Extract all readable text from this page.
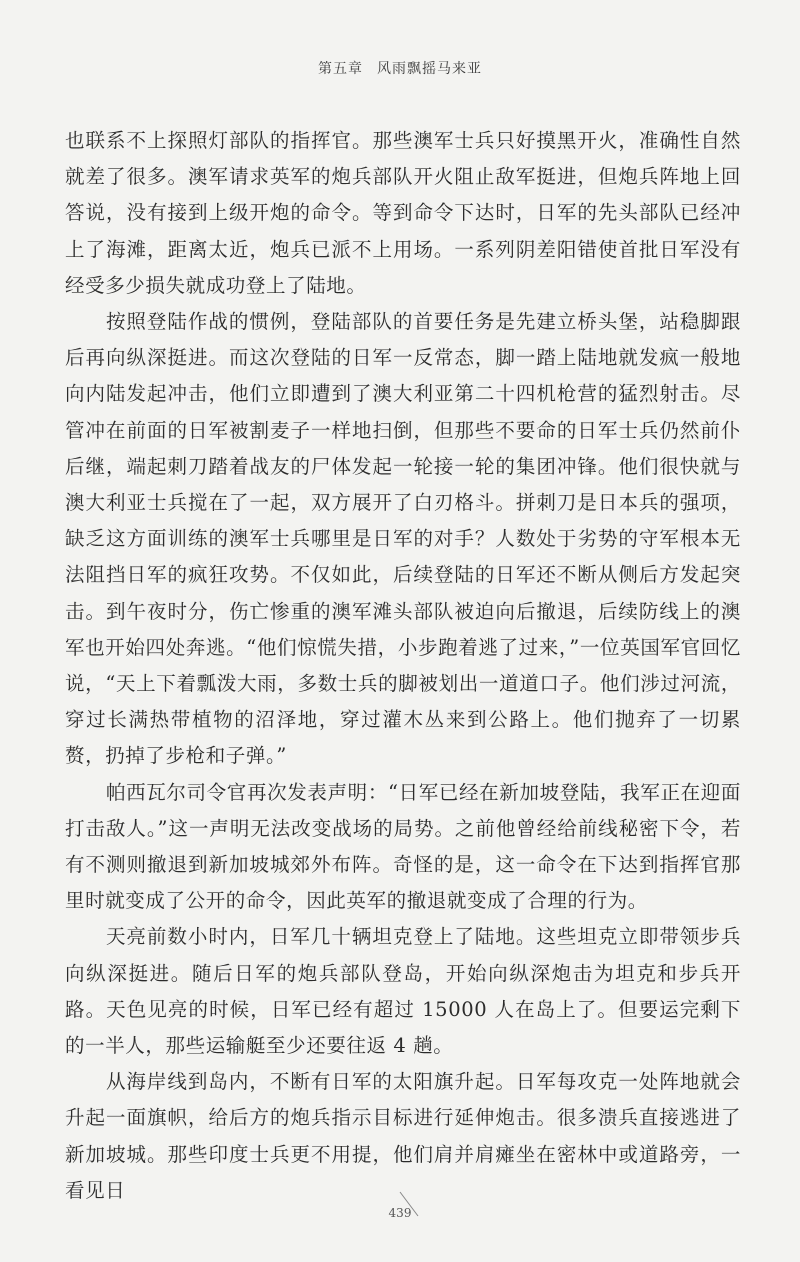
第五章 风雨飘摇马来亚

也联系不上探照灯部队的指挥官。那些澳军士兵只好摸黑开火，准确性自然就差了很多。澳军请求英军的炮兵部队开火阻止敌军挺进，但炮兵阵地上回答说，没有接到上级开炮的命令。等到命令下达时，日军的先头部队已经冲上了海滩，距离太近，炮兵已派不上用场。一系列阴差阳错使首批日军没有经受多少损失就成功登上了陆地。

按照登陆作战的惯例，登陆部队的首要任务是先建立桥头堡，站稳脚跟后再向纵深挺进。而这次登陆的日军一反常态，脚一踏上陆地就发疯一般地向内陆发起冲击，他们立即遭到了澳大利亚第二十四机枪营的猛烈射击。尽管冲在前面的日军被割麦子一样地扫倒，但那些不要命的日军士兵仍然前仆后继，端起刺刀踏着战友的尸体发起一轮接一轮的集团冲锋。他们很快就与澳大利亚士兵搅在了一起，双方展开了白刃格斗。拼刺刀是日本兵的强项，缺乏这方面训练的澳军士兵哪里是日军的对手？人数处于劣势的守军根本无法阻挡日军的疯狂攻势。不仅如此，后续登陆的日军还不断从侧后方发起突击。到午夜时分，伤亡惨重的澳军滩头部队被迫向后撤退，后续防线上的澳军也开始四处奔逃。“他们惊慌失措，小步跑着逃了过来，”一位英国军官回忆说，“天上下着瓢泼大雨，多数士兵的脚被划出一道道口子。他们涉过河流，穿过长满热带植物的沼泽地，穿过灌木丛来到公路上。他们抛弃了一切累赘，扔掉了步枪和子弹。”

帕西瓦尔司令官再次发表声明：“日军已经在新加坡登陆，我军正在迎面打击敌人。”这一声明无法改变战场的局势。之前他曾经给前线秘密下令，若有不测则撤退到新加坡城郊外布阵。奇怪的是，这一命令在下达到指挥官那里时就变成了公开的命令，因此英军的撤退就变成了合理的行为。

天亮前数小时内，日军几十辆坦克登上了陆地。这些坦克立即带领步兵向纵深挺进。随后日军的炮兵部队登岛，开始向纵深炮击为坦克和步兵开路。天色见亮的时候，日军已经有超过 15000 人在岛上了。但要运完剩下的一半人，那些运输艇至少还要往返 4 趟。

从海岸线到岛内，不断有日军的太阳旗升起。日军每攻克一处阵地就会升起一面旗帜，给后方的炮兵指示目标进行延伸炮击。很多溃兵直接逃进了新加坡城。那些印度士兵更不用提，他们肩并肩瘫坐在密林中或道路旁，一看见日

439
